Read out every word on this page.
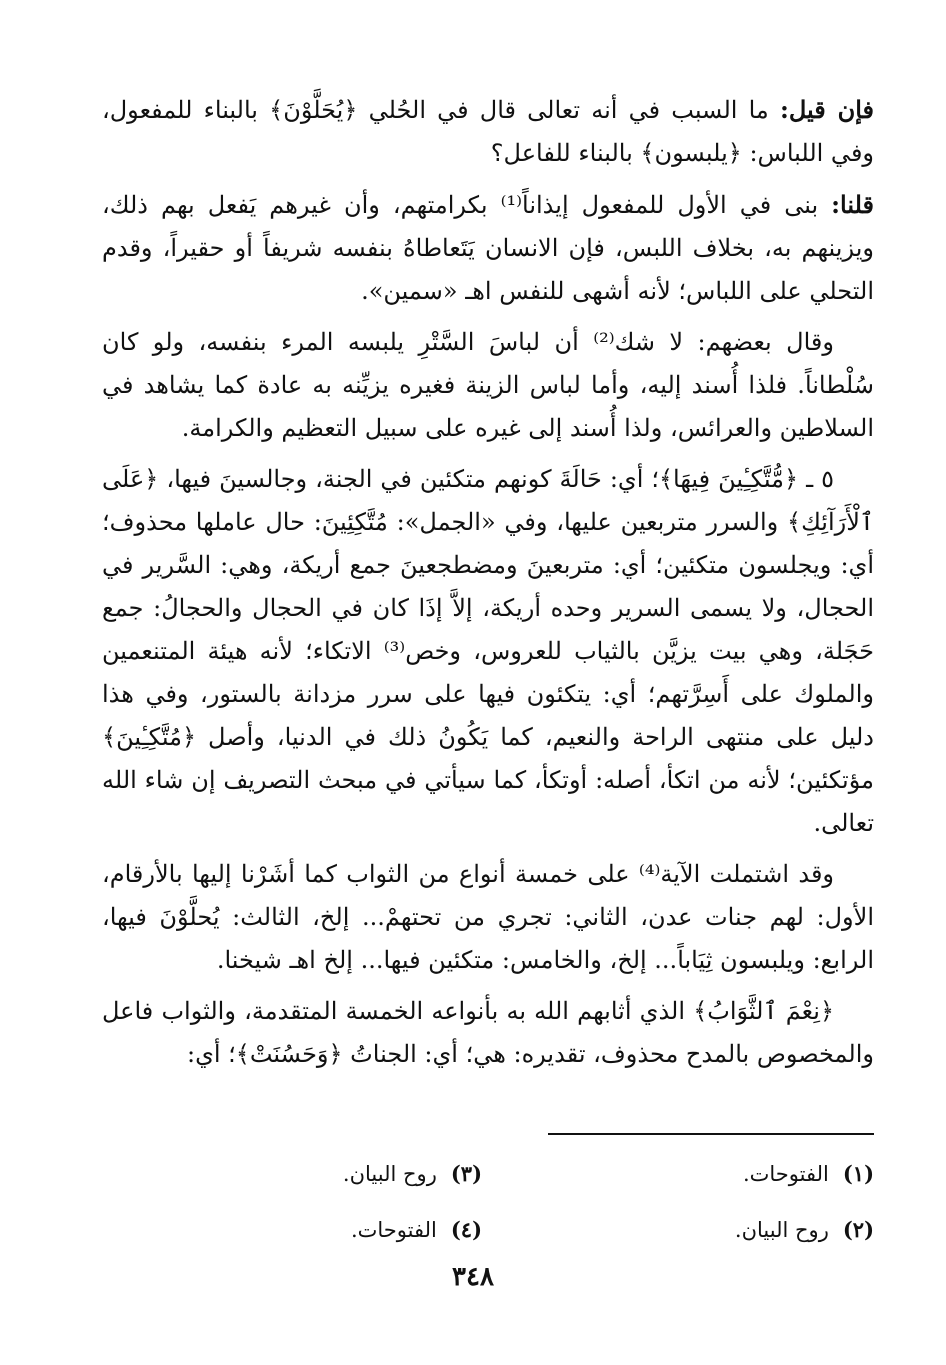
فإن قيل: ما السبب في أنه تعالى قال في الحُلي ﴿يُحَلَّوْنَ﴾ بالبناء للمفعول، وفي اللباس: ﴿يلبسون﴾ بالبناء للفاعل؟

قلنا: بنى في الأول للمفعول إيذاناً⁽¹⁾ بكرامتهم، وأن غيرهم يَفعل بهم ذلك، ويزينهم به، بخلاف اللبس، فإن الانسان يَتَعاطاهُ بنفسه شريفاً أو حقيراً، وقدم التحلي على اللباس؛ لأنه أشهى للنفس اهـ «سمين».

وقال بعضهم: لا شك⁽²⁾ أن لباسَ السَّتْرِ يلبسه المرء بنفسه، ولو كان سُلْطاناً. فلذا أُسند إليه، وأما لباس الزينة فغيره يزيِّنه به عادة كما يشاهد في السلاطين والعرائس، ولذا أُسند إلى غيره على سبيل التعظيم والكرامة.

٥ ـ ﴿مُّتَّكِـِٔينَ فِيهَا﴾؛ أي: حَالَةَ كونهم متكئين في الجنة، وجالسينَ فيها، ﴿عَلَى ٱلْأَرَآئِكِ﴾ والسرر متربعين عليها، وفي «الجمل»: مُتَّكِئِينَ: حال عاملها محذوف؛ أي: ويجلسون متكئين؛ أي: متربعينَ ومضطجعينَ جمع أريكة، وهي: السَّرير في الحجال، ولا يسمى السرير وحده أريكة، إلاَّ إذَا كان في الحجال والحجالُ: جمع حَجَلة، وهي بيت يزيَّن بالثياب للعروس، وخص⁽³⁾ الاتكاء؛ لأنه هيئة المتنعمين والملوك على أَسِرَّتهم؛ أي: يتكئون فيها على سرر مزدانة بالستور، وفي هذا دليل على منتهى الراحة والنعيم، كما يَكُونُ ذلك في الدنيا، وأصل ﴿مُتَّكِـِٔينَ﴾ مؤتكئين؛ لأنه من اتكأ، أصله: أوتكأ، كما سيأتي في مبحث التصريف إن شاء الله تعالى.

وقد اشتملت الآية⁽⁴⁾ على خمسة أنواع من الثواب كما أشَرْنا إليها بالأرقام، الأول: لهم جنات عدن، الثاني: تجري من تحتهمْ... إلخ، الثالث: يُحلَّوْنَ فيها، الرابع: ويلبسون ثِيَاباً... إلخ، والخامس: متكئين فيها... إلخ اهـ شيخنا.

﴿نِعْمَ ٱلثَّوَابُ﴾ الذي أثابهم الله به بأنواعه الخمسة المتقدمة، والثواب فاعل والمخصوص بالمدح محذوف، تقديره: هي؛ أي: الجناتُ ﴿وَحَسُنَتْ﴾؛ أي:

(١)الفتوحات.
(٣)روح البيان.
(٢)روح البيان.
(٤)الفتوحات.
٣٤٨
